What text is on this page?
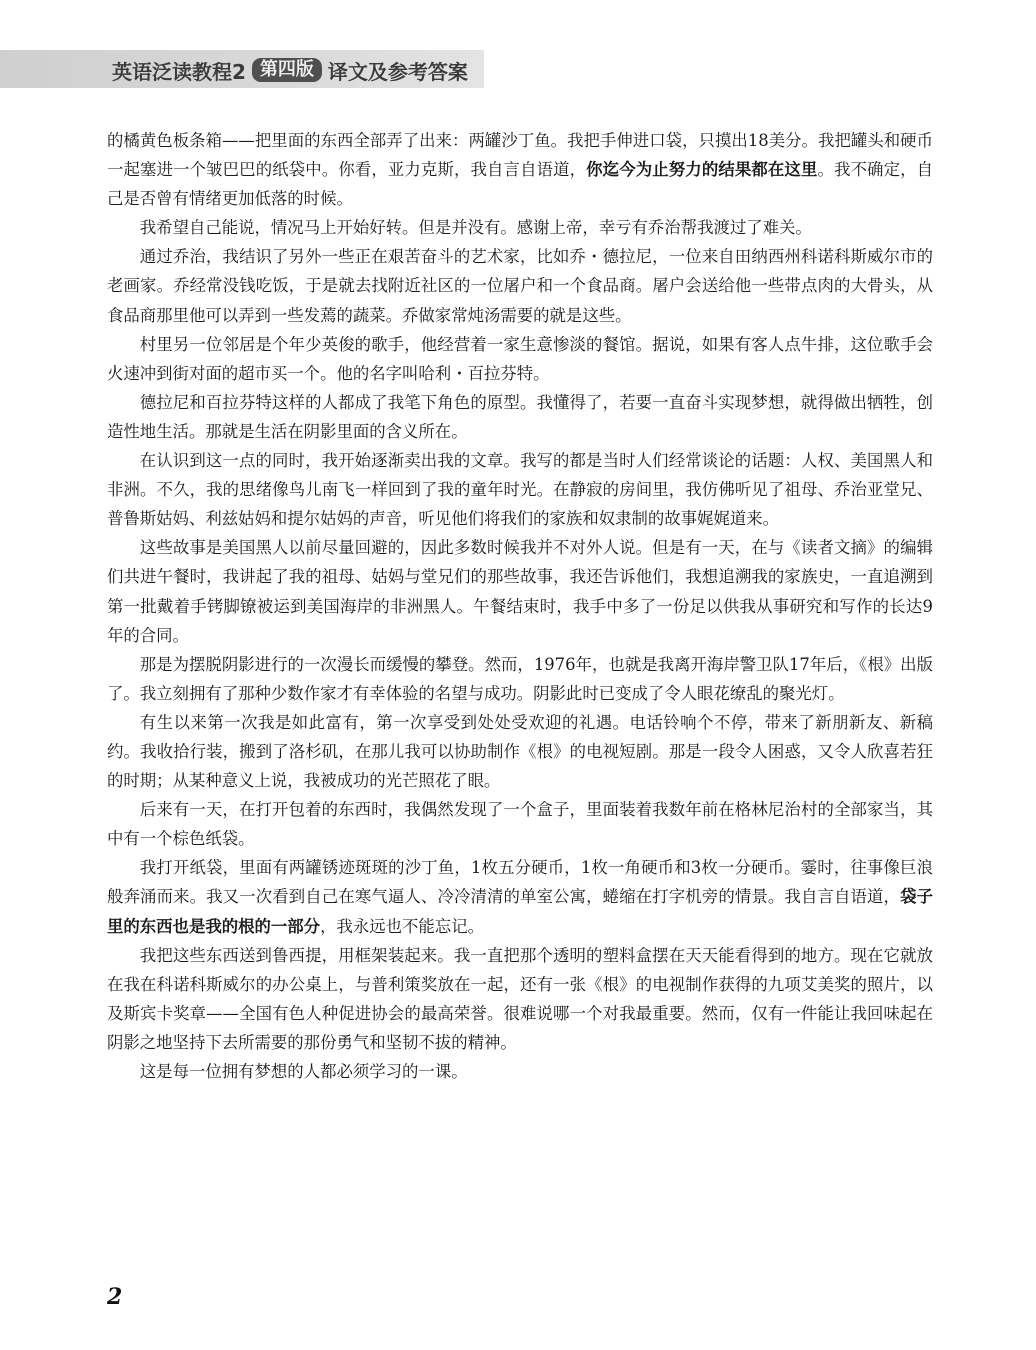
英语泛读教程2 第四版 译文及参考答案

的橘黄色板条箱——把里面的东西全部弄了出来：两罐沙丁鱼。我把手伸进口袋，只摸出18美分。我把罐头和硬币一起塞进一个皱巴巴的纸袋中。你看，亚力克斯，我自言自语道，你迄今为止努力的结果都在这里。我不确定，自己是否曾有情绪更加低落的时候。

我希望自己能说，情况马上开始好转。但是并没有。感谢上帝，幸亏有乔治帮我渡过了难关。

通过乔治，我结识了另外一些正在艰苦奋斗的艺术家，比如乔・德拉尼，一位来自田纳西州科诺科斯威尔市的老画家。乔经常没钱吃饭，于是就去找附近社区的一位屠户和一个食品商。屠户会送给他一些带点肉的大骨头，从食品商那里他可以弄到一些发蔫的蔬菜。乔做家常炖汤需要的就是这些。

村里另一位邻居是个年少英俊的歌手，他经营着一家生意惨淡的餐馆。据说，如果有客人点牛排，这位歌手会火速冲到街对面的超市买一个。他的名字叫哈利・百拉芬特。

德拉尼和百拉芬特这样的人都成了我笔下角色的原型。我懂得了，若要一直奋斗实现梦想，就得做出牺牲，创造性地生活。那就是生活在阴影里面的含义所在。

在认识到这一点的同时，我开始逐渐卖出我的文章。我写的都是当时人们经常谈论的话题：人权、美国黑人和非洲。不久，我的思绪像鸟儿南飞一样回到了我的童年时光。在静寂的房间里，我仿佛听见了祖母、乔治亚堂兄、普鲁斯姑妈、利兹姑妈和提尔姑妈的声音，听见他们将我们的家族和奴隶制的故事娓娓道来。

这些故事是美国黑人以前尽量回避的，因此多数时候我并不对外人说。但是有一天，在与《读者文摘》的编辑们共进午餐时，我讲起了我的祖母、姑妈与堂兄们的那些故事，我还告诉他们，我想追溯我的家族史，一直追溯到第一批戴着手铐脚镣被运到美国海岸的非洲黑人。午餐结束时，我手中多了一份足以供我从事研究和写作的长达9年的合同。

那是为摆脱阴影进行的一次漫长而缓慢的攀登。然而，1976年，也就是我离开海岸警卫队17年后，《根》出版了。我立刻拥有了那种少数作家才有幸体验的名望与成功。阴影此时已变成了令人眼花缭乱的聚光灯。

有生以来第一次我是如此富有，第一次享受到处处受欢迎的礼遇。电话铃响个不停，带来了新朋新友、新稿约。我收拾行装，搬到了洛杉矶，在那儿我可以协助制作《根》的电视短剧。那是一段令人困惑，又令人欣喜若狂的时期；从某种意义上说，我被成功的光芒照花了眼。

后来有一天，在打开包着的东西时，我偶然发现了一个盒子，里面装着我数年前在格林尼治村的全部家当，其中有一个棕色纸袋。

我打开纸袋，里面有两罐锈迹斑斑的沙丁鱼，1枚五分硬币，1枚一角硬币和3枚一分硬币。霎时，往事像巨浪般奔涌而来。我又一次看到自己在寒气逼人、冷冷清清的单室公寓，蜷缩在打字机旁的情景。我自言自语道，袋子里的东西也是我的根的一部分，我永远也不能忘记。

我把这些东西送到鲁西提，用框架装起来。我一直把那个透明的塑料盒摆在天天能看得到的地方。现在它就放在我在科诺科斯威尔的办公桌上，与普利策奖放在一起，还有一张《根》的电视制作获得的九项艾美奖的照片，以及斯宾卡奖章——全国有色人种促进协会的最高荣誉。很难说哪一个对我最重要。然而，仅有一件能让我回味起在阴影之地坚持下去所需要的那份勇气和坚韧不拔的精神。

这是每一位拥有梦想的人都必须学习的一课。

2
